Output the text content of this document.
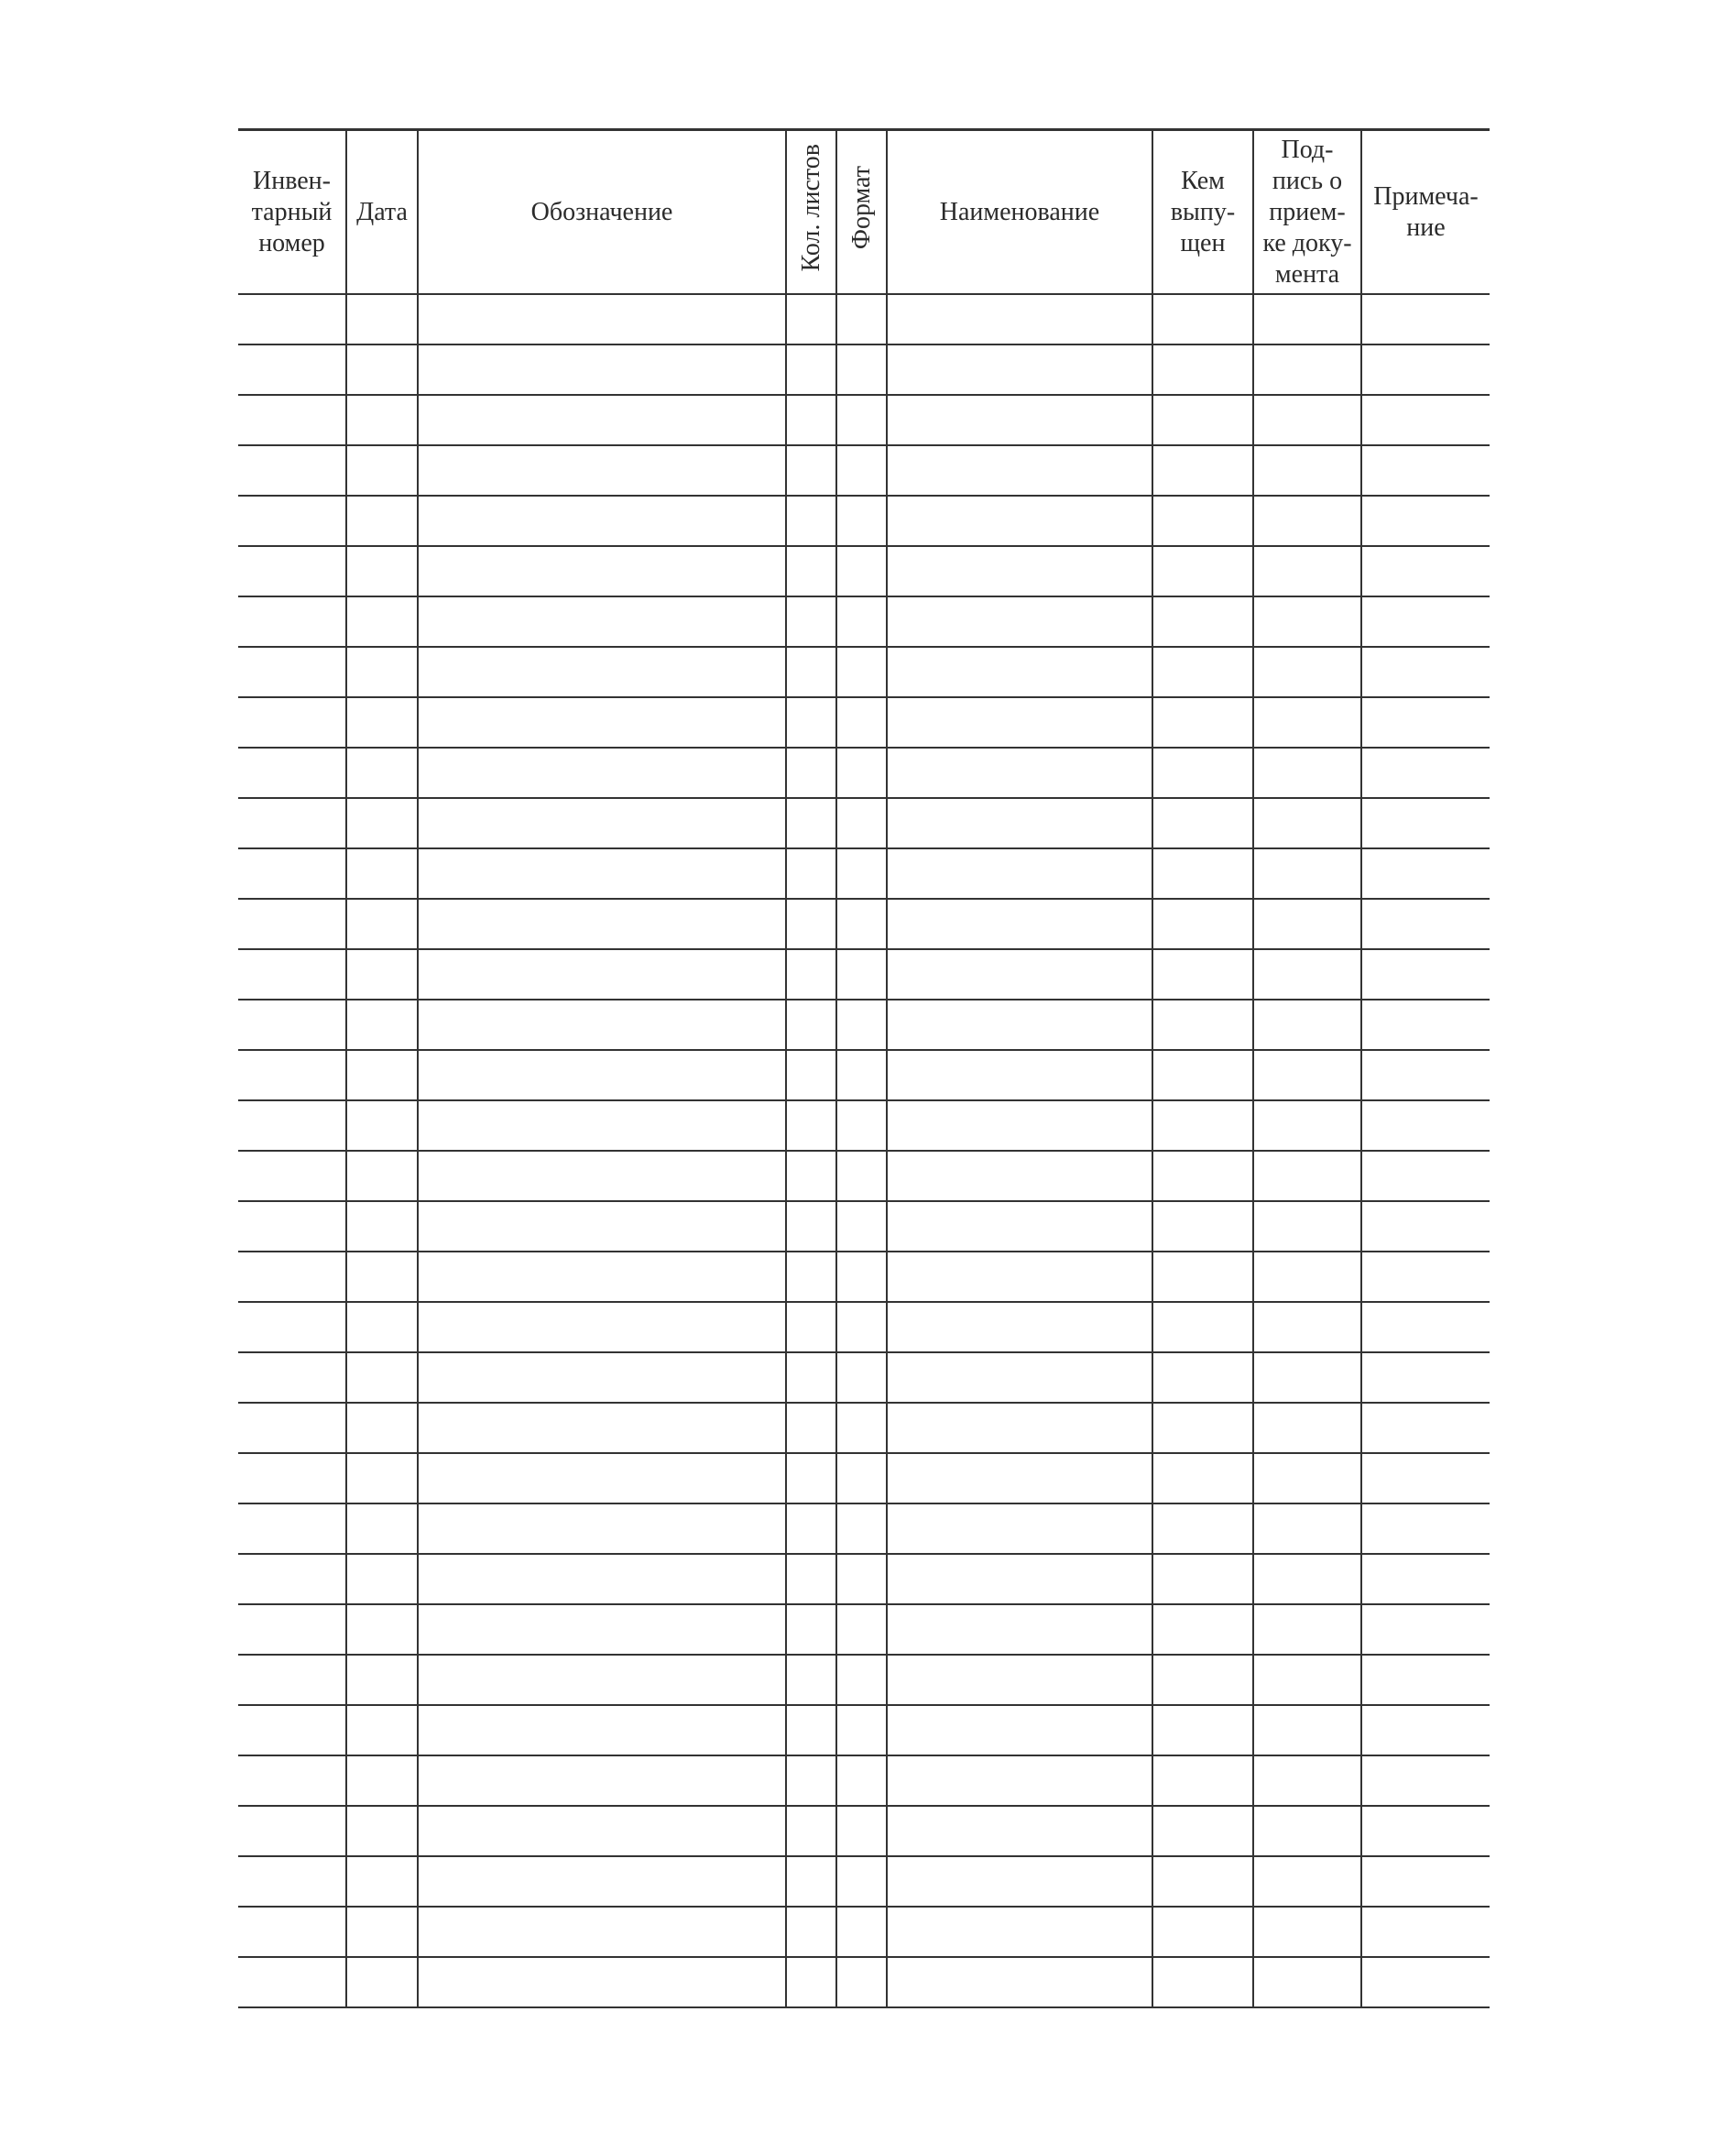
Инвен-
тарный
номер	Дата	Обозначение	Кол. листов	Формат	Наименование	Кем
выпу-
щен	Под-
пись о
прием-
ке доку-
мента	Примеча-
ние
